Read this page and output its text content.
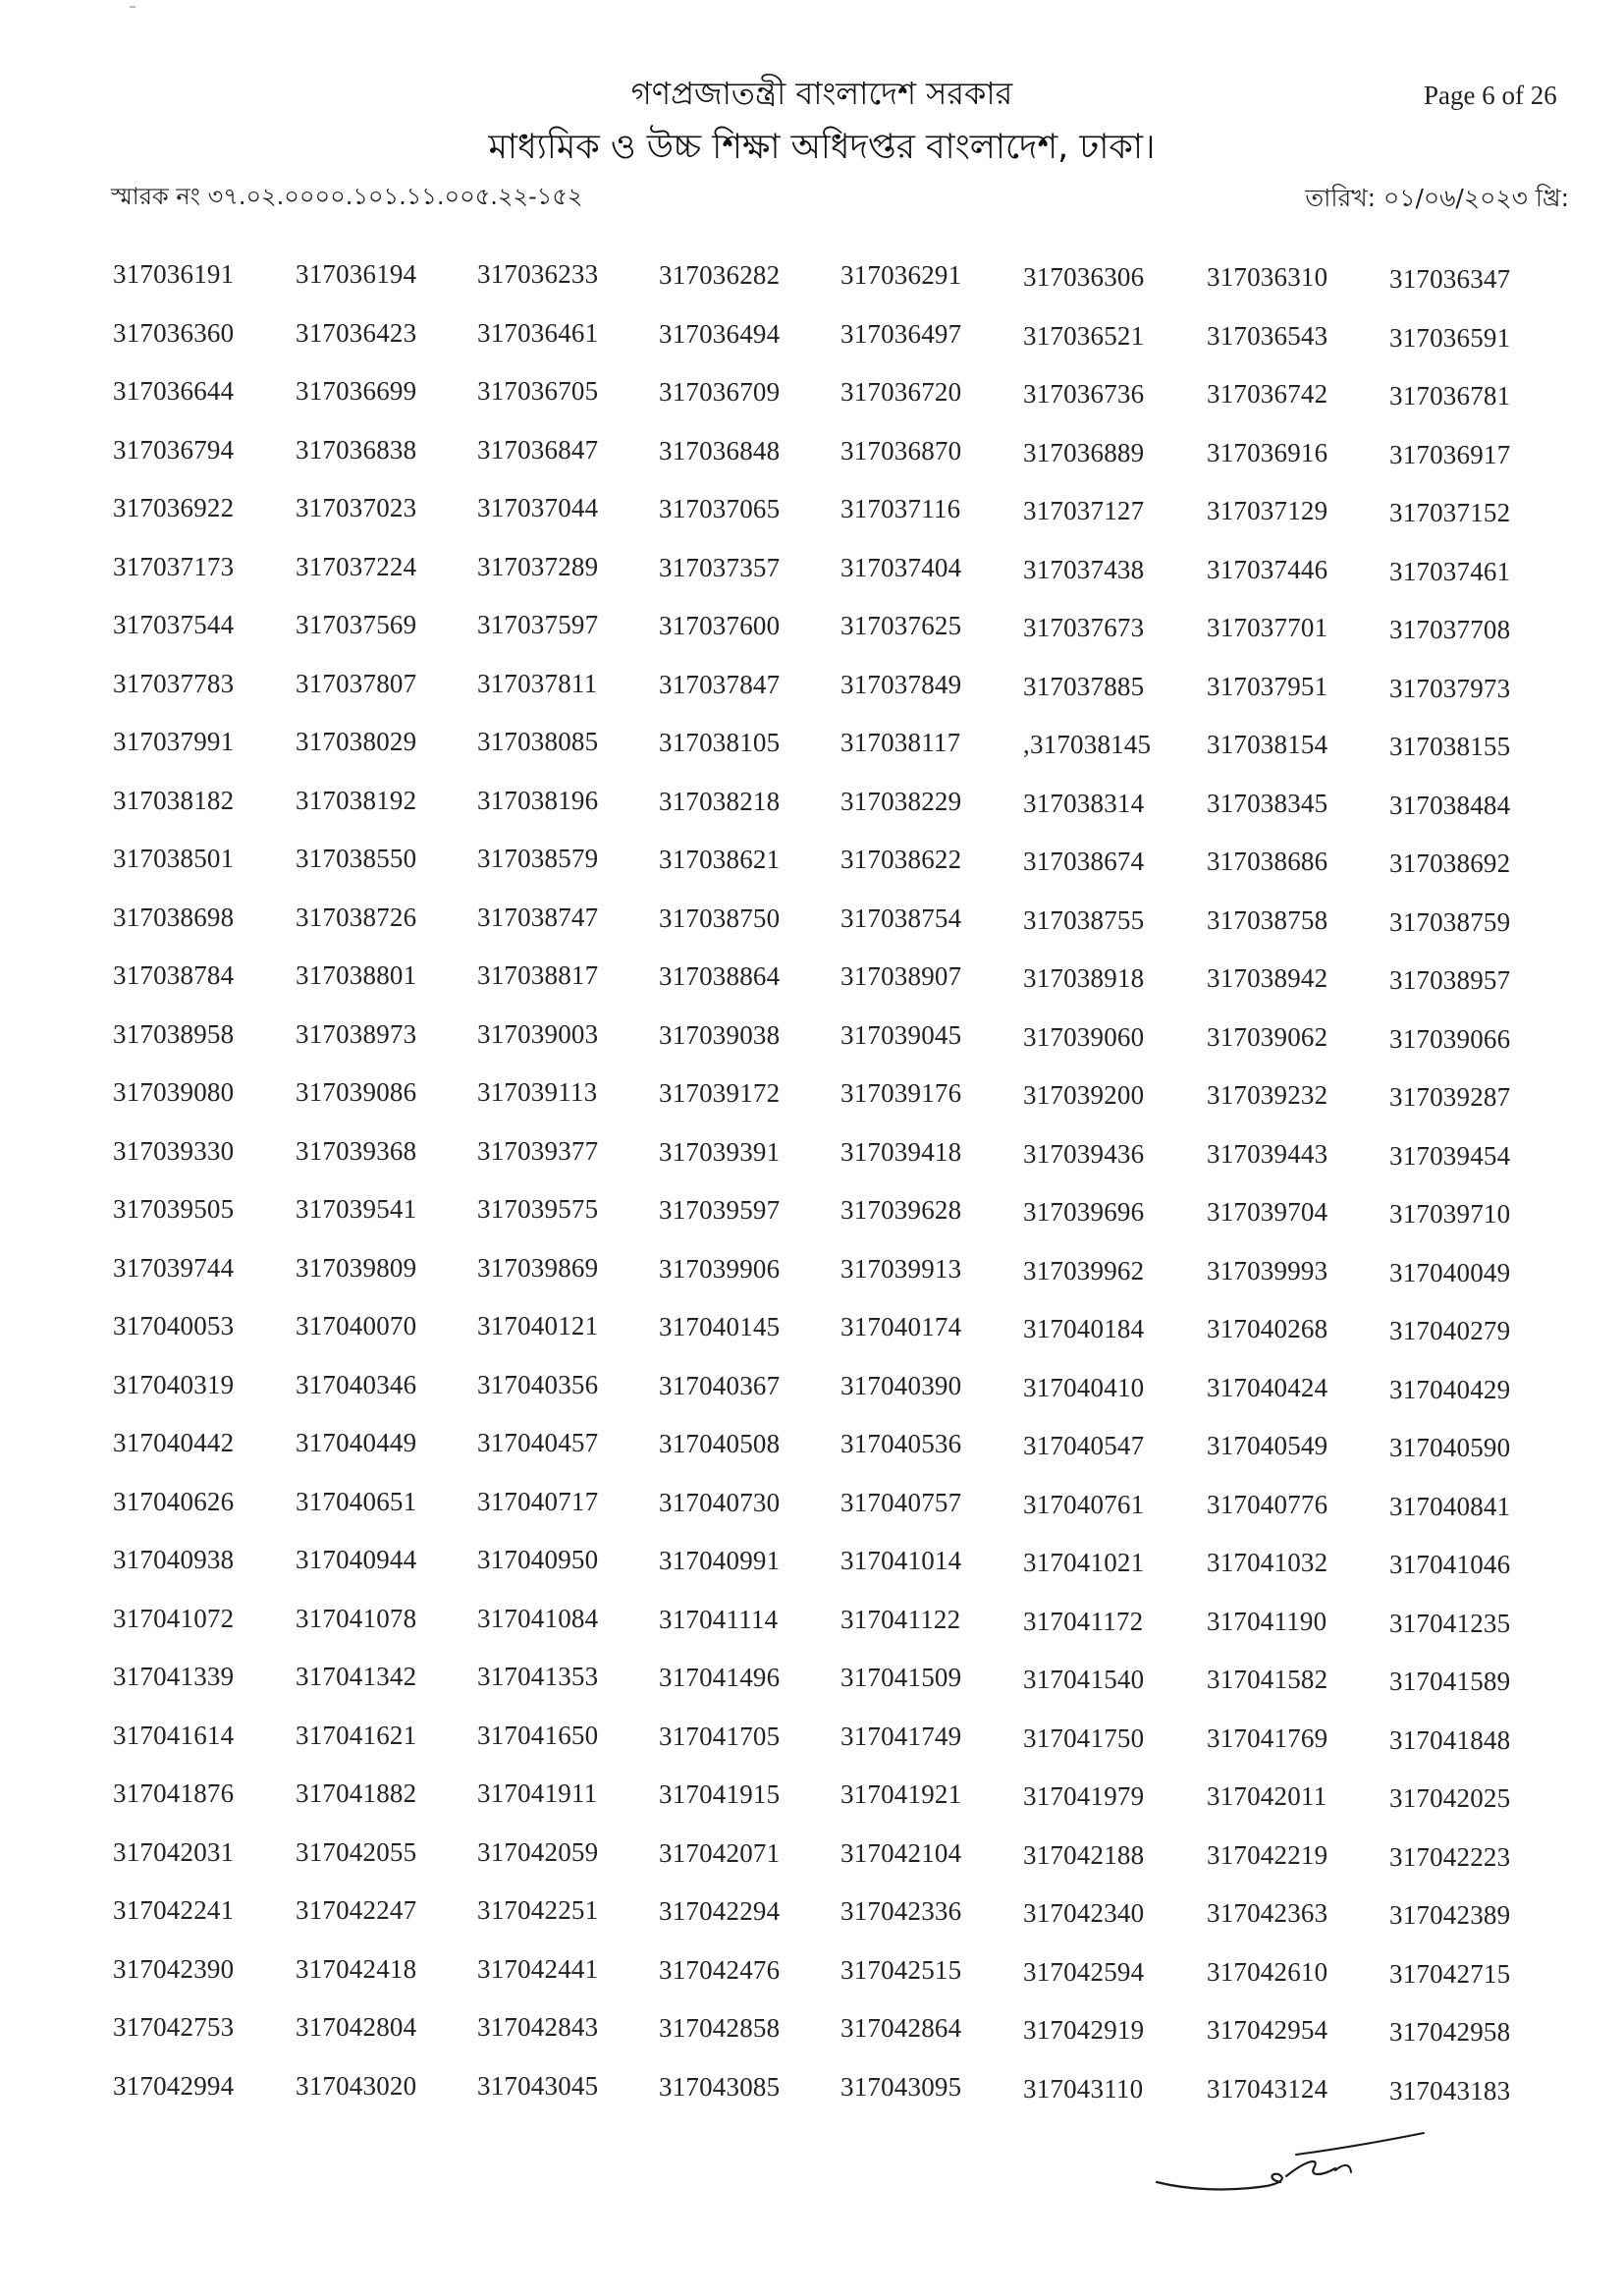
গণপ্রজাতন্ত্রী বাংলাদেশ সরকার
মাধ্যমিক ও উচ্চ শিক্ষা অধিদপ্তর বাংলাদেশ, ঢাকা।
Page 6 of 26
স্মারক নং ৩৭.০২.০০০০.১০১.১১.০০৫.২২-১৫২	তারিখ: ০১/০৬/২০২৩ খ্রি:
317036191 317036194 317036233 317036282 317036291 317036306 317036310 317036347
317036360 317036423 317036461 317036494 317036497 317036521 317036543 317036591
317036644 317036699 317036705 317036709 317036720 317036736 317036742 317036781
317036794 317036838 317036847 317036848 317036870 317036889 317036916 317036917
317036922 317037023 317037044 317037065 317037116 317037127 317037129 317037152
317037173 317037224 317037289 317037357 317037404 317037438 317037446 317037461
317037544 317037569 317037597 317037600 317037625 317037673 317037701 317037708
317037783 317037807 317037811 317037847 317037849 317037885 317037951 317037973
317037991 317038029 317038085 317038105 317038117 ,317038145 317038154 317038155
317038182 317038192 317038196 317038218 317038229 317038314 317038345 317038484
317038501 317038550 317038579 317038621 317038622 317038674 317038686 317038692
317038698 317038726 317038747 317038750 317038754 317038755 317038758 317038759
317038784 317038801 317038817 317038864 317038907 317038918 317038942 317038957
317038958 317038973 317039003 317039038 317039045 317039060 317039062 317039066
317039080 317039086 317039113 317039172 317039176 317039200 317039232 317039287
317039330 317039368 317039377 317039391 317039418 317039436 317039443 317039454
317039505 317039541 317039575 317039597 317039628 317039696 317039704 317039710
317039744 317039809 317039869 317039906 317039913 317039962 317039993 317040049
317040053 317040070 317040121 317040145 317040174 317040184 317040268 317040279
317040319 317040346 317040356 317040367 317040390 317040410 317040424 317040429
317040442 317040449 317040457 317040508 317040536 317040547 317040549 317040590
317040626 317040651 317040717 317040730 317040757 317040761 317040776 317040841
317040938 317040944 317040950 317040991 317041014 317041021 317041032 317041046
317041072 317041078 317041084 317041114 317041122 317041172 317041190 317041235
317041339 317041342 317041353 317041496 317041509 317041540 317041582 317041589
317041614 317041621 317041650 317041705 317041749 317041750 317041769 317041848
317041876 317041882 317041911 317041915 317041921 317041979 317042011 317042025
317042031 317042055 317042059 317042071 317042104 317042188 317042219 317042223
317042241 317042247 317042251 317042294 317042336 317042340 317042363 317042389
317042390 317042418 317042441 317042476 317042515 317042594 317042610 317042715
317042753 317042804 317042843 317042858 317042864 317042919 317042954 317042958
317042994 317043020 317043045 317043085 317043095 317043110 317043124 317043183
